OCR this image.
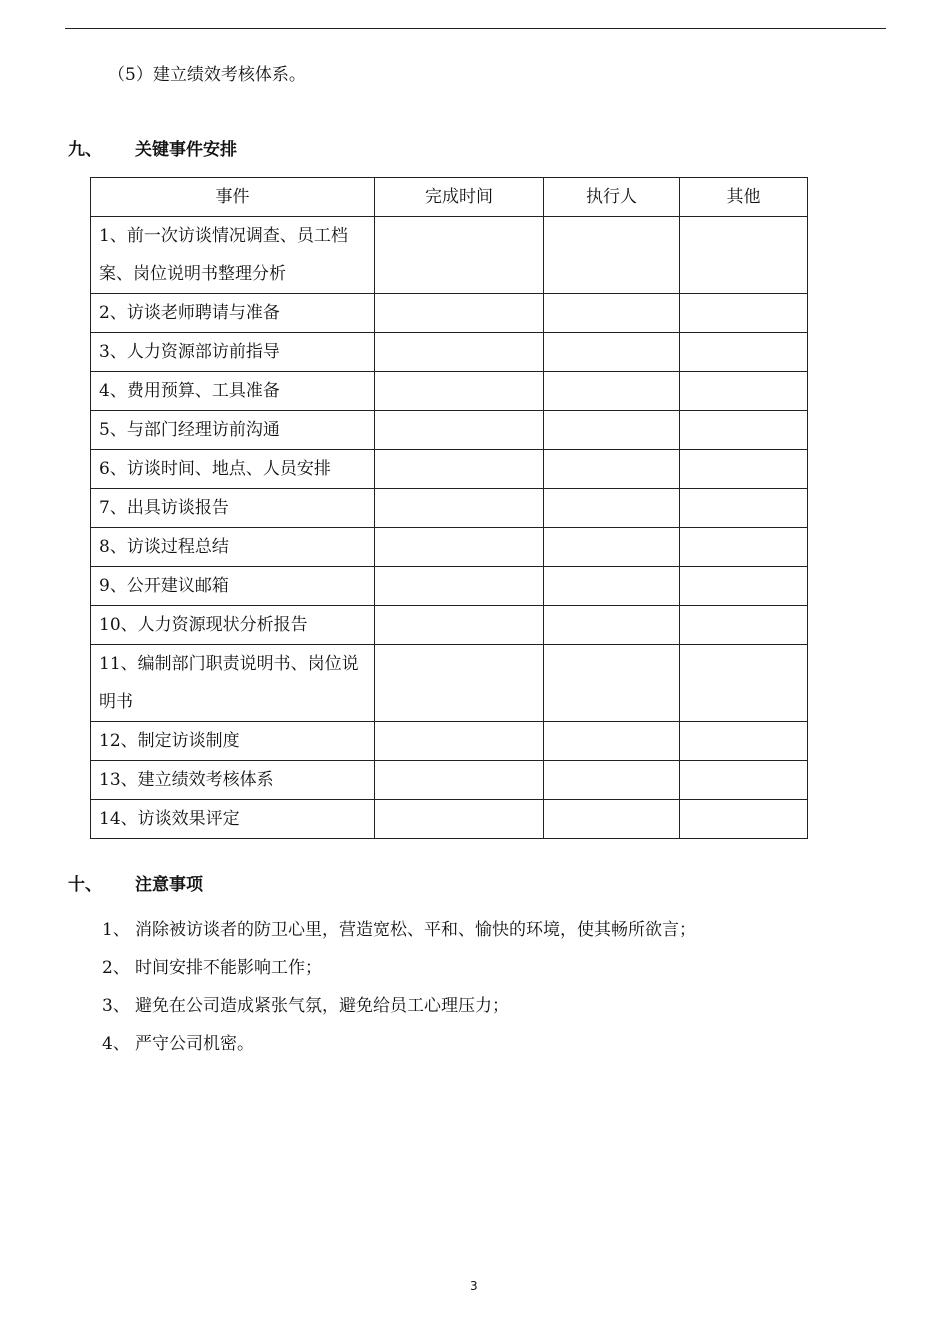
（5）建立绩效考核体系。
九、	关键事件安排
事件	完成时间	执行人	其他
1、前一次访谈情况调查、员工档案、岗位说明书整理分析			
2、访谈老师聘请与准备			
3、人力资源部访前指导			
4、费用预算、工具准备			
5、与部门经理访前沟通			
6、访谈时间、地点、人员安排			
7、出具访谈报告			
8、访谈过程总结			
9、公开建议邮箱			
10、人力资源现状分析报告			
11、编制部门职责说明书、岗位说明书			
12、制定访谈制度			
13、建立绩效考核体系			
14、访谈效果评定			
十、	注意事项
1、 消除被访谈者的防卫心里，营造宽松、平和、愉快的环境，使其畅所欲言；
2、 时间安排不能影响工作；
3、 避免在公司造成紧张气氛，避免给员工心理压力；
4、 严守公司机密。
3
